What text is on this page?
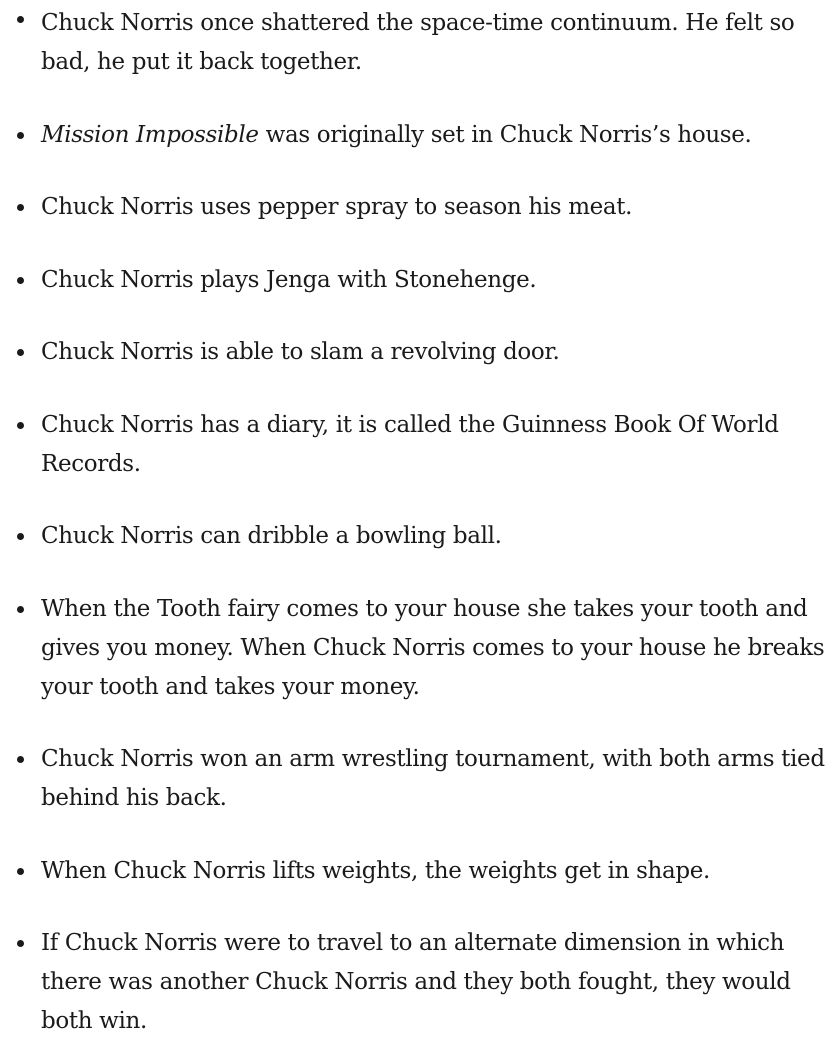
Chuck Norris once shattered the space-time continuum. He felt so bad, he put it back together.
Mission Impossible was originally set in Chuck Norris’s house.
Chuck Norris uses pepper spray to season his meat.
Chuck Norris plays Jenga with Stonehenge.
Chuck Norris is able to slam a revolving door.
Chuck Norris has a diary, it is called the Guinness Book Of World Records.
Chuck Norris can dribble a bowling ball.
When the Tooth fairy comes to your house she takes your tooth and gives you money. When Chuck Norris comes to your house he breaks your tooth and takes your money.
Chuck Norris won an arm wrestling tournament, with both arms tied behind his back.
When Chuck Norris lifts weights, the weights get in shape.
If Chuck Norris were to travel to an alternate dimension in which there was another Chuck Norris and they both fought, they would both win.
